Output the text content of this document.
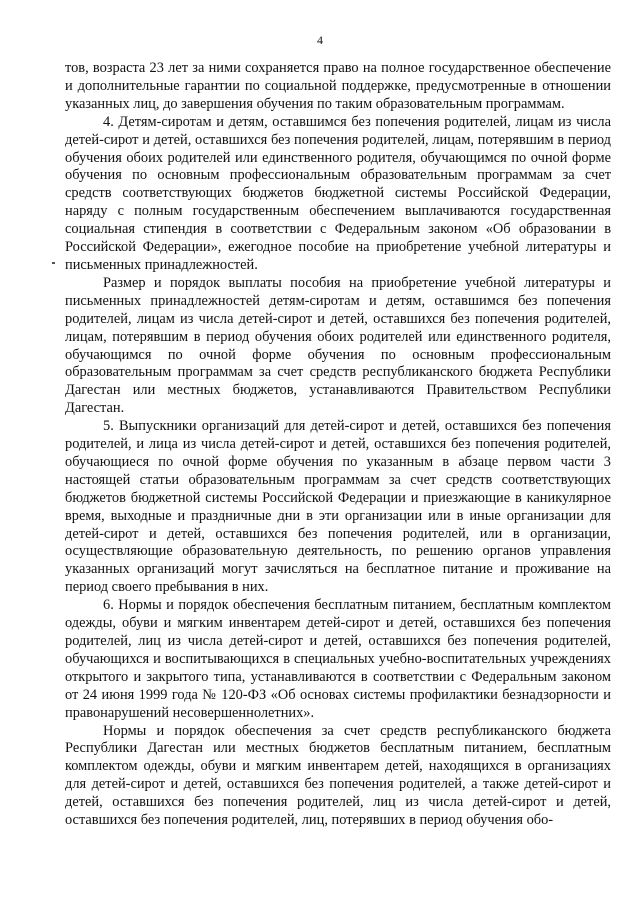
4

тов, возраста 23 лет за ними сохраняется право на полное государственное обеспечение и дополнительные гарантии по социальной поддержке, предусмотренные в отношении указанных лиц, до завершения обучения по таким образовательным программам.

4. Детям-сиротам и детям, оставшимся без попечения родителей, лицам из числа детей-сирот и детей, оставшихся без попечения родителей, лицам, потерявшим в период обучения обоих родителей или единственного родителя, обучающимся по очной форме обучения по основным профессиональным образовательным программам за счет средств соответствующих бюджетов бюджетной системы Российской Федерации, наряду с полным государственным обеспечением выплачиваются государственная социальная стипендия в соответствии с Федеральным законом «Об образовании в Российской Федерации», ежегодное пособие на приобретение учебной литературы и письменных принадлежностей.

Размер и порядок выплаты пособия на приобретение учебной литературы и письменных принадлежностей детям-сиротам и детям, оставшимся без попечения родителей, лицам из числа детей-сирот и детей, оставшихся без попечения родителей, лицам, потерявшим в период обучения обоих родителей или единственного родителя, обучающимся по очной форме обучения по основным профессиональным образовательным программам за счет средств республиканского бюджета Республики Дагестан или местных бюджетов, устанавливаются Правительством Республики Дагестан.

5. Выпускники организаций для детей-сирот и детей, оставшихся без попечения родителей, и лица из числа детей-сирот и детей, оставшихся без попечения родителей, обучающиеся по очной форме обучения по указанным в абзаце первом части 3 настоящей статьи образовательным программам за счет средств соответствующих бюджетов бюджетной системы Российской Федерации и приезжающие в каникулярное время, выходные и праздничные дни в эти организации или в иные организации для детей-сирот и детей, оставшихся без попечения родителей, или в организации, осуществляющие образовательную деятельность, по решению органов управления указанных организаций могут зачисляться на бесплатное питание и проживание на период своего пребывания в них.

6. Нормы и порядок обеспечения бесплатным питанием, бесплатным комплектом одежды, обуви и мягким инвентарем детей-сирот и детей, оставшихся без попечения родителей, лиц из числа детей-сирот и детей, оставшихся без попечения родителей, обучающихся и воспитывающихся в специальных учебно-воспитательных учреждениях открытого и закрытого типа, устанавливаются в соответствии с Федеральным законом от 24 июня 1999 года № 120-ФЗ «Об основах системы профилактики безнадзорности и правонарушений несовершеннолетних».

Нормы и порядок обеспечения за счет средств республиканского бюджета Республики Дагестан или местных бюджетов бесплатным питанием, бесплатным комплектом одежды, обуви и мягким инвентарем детей, находящихся в организациях для детей-сирот и детей, оставшихся без попечения родителей, а также детей-сирот и детей, оставшихся без попечения родителей, лиц из числа детей-сирот и детей, оставшихся без попечения родителей, лиц, потерявших в период обучения обо-
